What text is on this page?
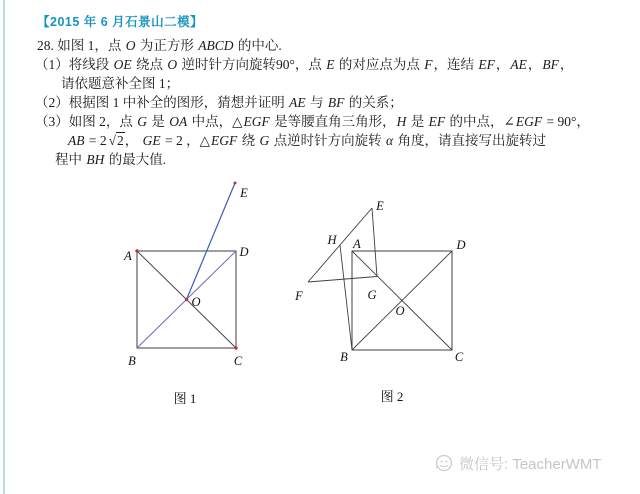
【2015 年 6 月石景山二模】
28. 如图 1，点 O 为正方形 ABCD 的中心.
（1）将线段 OE 绕点 O 逆时针方向旋转90°，点 E 的对应点为点 F，连结 EF，AE，BF，
请依题意补全图 1；
（2）根据图 1 中补全的图形，猜想并证明 AE 与 BF 的关系；
（3）如图 2，点 G 是 OA 中点，△EGF 是等腰直角三角形，H 是 EF 的中点，∠EGF = 90°，
AB = 2 √2， GE = 2 ，△EGF 绕 G 点逆时针方向旋转 α 角度，请直接写出旋转过
程中 BH 的最大值.
A	D
B	C
O
E
图 1
E
H A	D
F	G
O
B	C
图 2
微信号: TeacherWMT
